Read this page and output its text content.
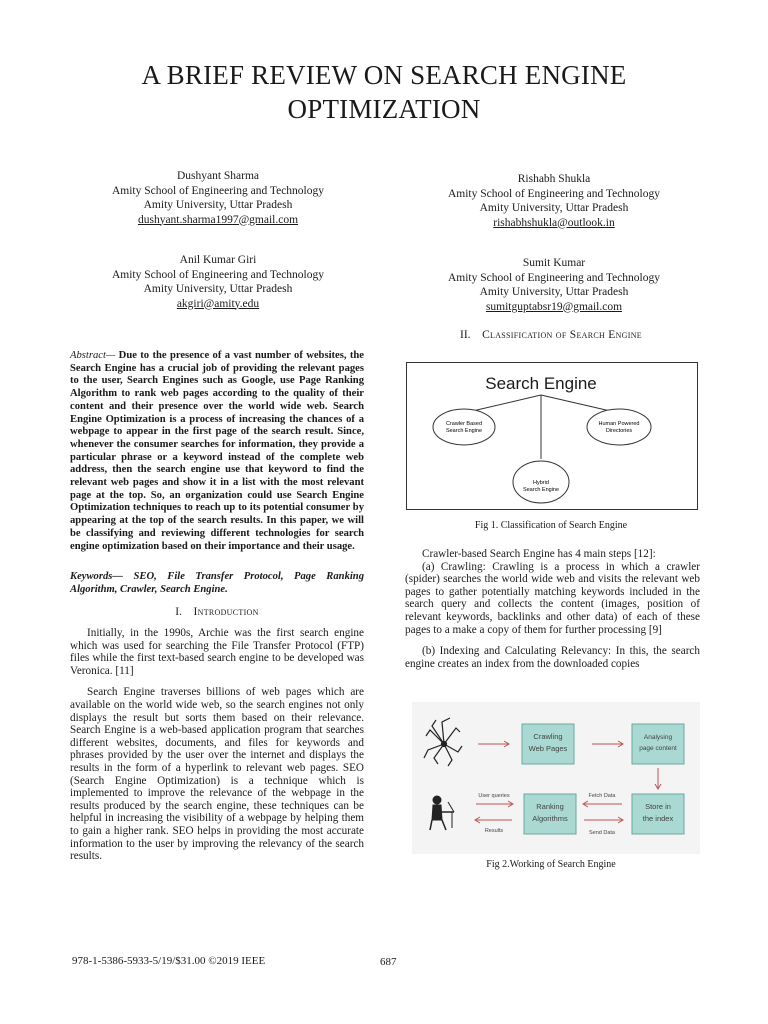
A BRIEF REVIEW ON SEARCH ENGINE
OPTIMIZATION
Dushyant Sharma
Amity School of Engineering and Technology
Amity University, Uttar Pradesh
dushyant.sharma1997@gmail.com
Anil Kumar Giri
Amity School of Engineering and Technology
Amity University, Uttar Pradesh
akgiri@amity.edu
Rishabh Shukla
Amity School of Engineering and Technology
Amity University, Uttar Pradesh
rishabhshukla@outlook.in
Sumit Kumar
Amity School of Engineering and Technology
Amity University, Uttar Pradesh
sumitguptabsr19@gmail.com
Abstract— Due to the presence of a vast number of websites, the Search Engine has a crucial job of providing the relevant pages to the user, Search Engines such as Google, use Page Ranking Algorithm to rank web pages according to the quality of their content and their presence over the world wide web. Search Engine Optimization is a process of increasing the chances of a webpage to appear in the first page of the search result. Since, whenever the consumer searches for information, they provide a particular phrase or a keyword instead of the complete web address, then the search engine use that keyword to find the relevant web pages and show it in a list with the most relevant page at the top. So, an organization could use Search Engine Optimization techniques to reach up to its potential consumer by appearing at the top of the search results. In this paper, we will be classifying and reviewing different technologies for search engine optimization based on their importance and their usage.
Keywords— SEO, File Transfer Protocol, Page Ranking Algorithm, Crawler, Search Engine.
I. Introduction

Initially, in the 1990s, Archie was the first search engine which was used for searching the File Transfer Protocol (FTP) files while the first text-based search engine to be developed was Veronica. [11]

Search Engine traverses billions of web pages which are available on the world wide web, so the search engines not only displays the result but sorts them based on their relevance. Search Engine is a web-based application program that searches different websites, documents, and files for keywords and phrases provided by the user over the internet and displays the results in the form of a hyperlink to relevant web pages. SEO (Search Engine Optimization) is a technique which is implemented to improve the relevance of the webpage in the results produced by the search engine, these techniques can be helpful in increasing the visibility of a webpage by helping them to gain a higher rank. SEO helps in providing the most accurate information to the user by improving the relevancy of the search results.

II. Classification of Search Engine
Search Engine
Crawler Based
Search Engine
Human Powered
Directories
Hybrid
Search Engine
Fig 1. Classification of Search Engine

Crawler-based Search Engine has 4 main steps [12]:

(a) Crawling: Crawling is a process in which a crawler (spider) searches the world wide web and visits the relevant web pages to gather potentially matching keywords included in the search query and collects the content (images, position of relevant keywords, backlinks and other data) of each of these pages to a make a copy of them for further processing [9]

(b) Indexing and Calculating Relevancy: In this, the search engine creates an index from the downloaded copies

Crawling
Web Pages
Analysing
page content
User queries
Results
Ranking
Algorithms
Fetch Data
Send Data
Store in
the index
Fig 2.Working of Search Engine
978-1-5386-5933-5/19/$31.00 ©2019 IEEE	687
